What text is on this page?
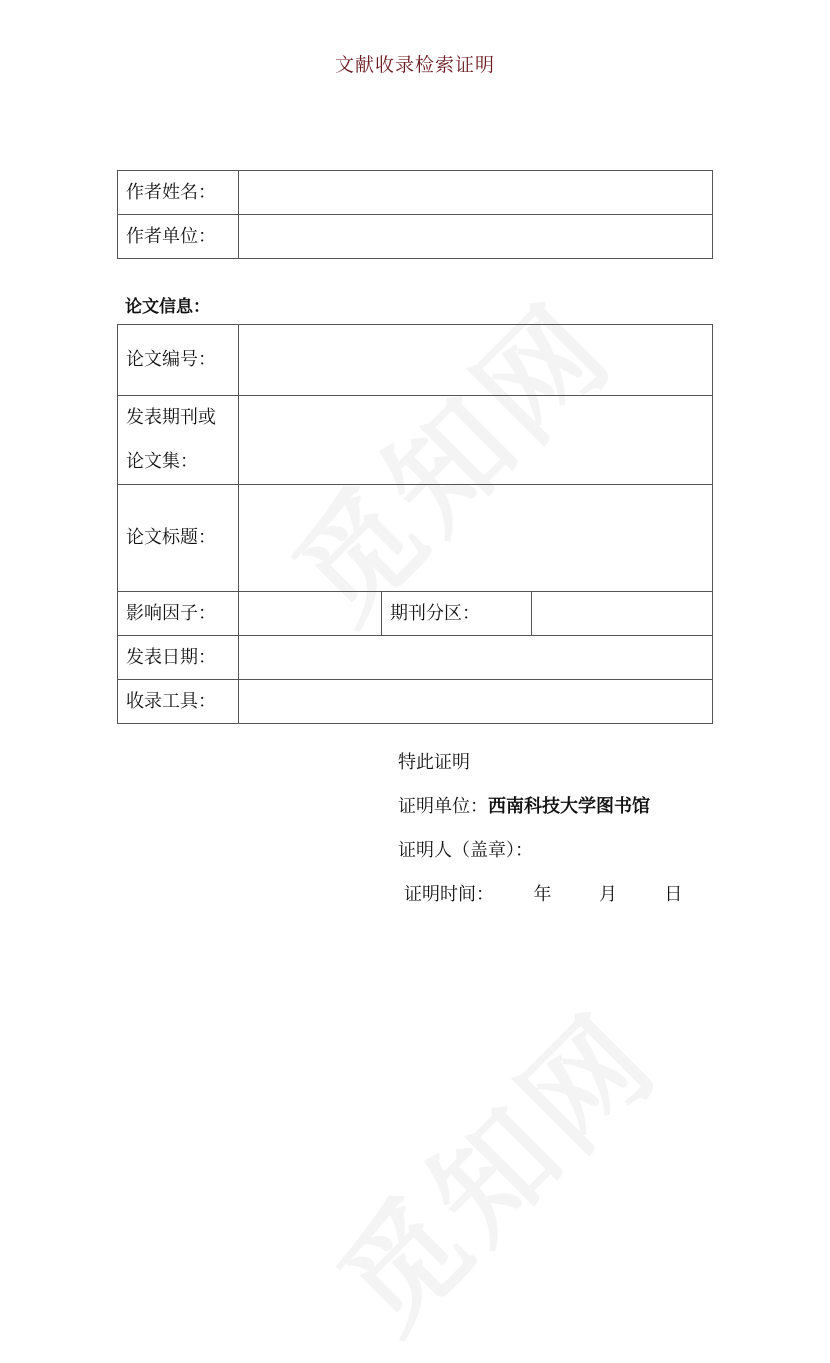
文献收录检索证明
作者姓名：	
作者单位：	
论文信息：
论文编号：			

发表期刊或
论文集：			

论文标题：			
影响因子：		期刊分区：	
发表日期：			
收录工具：			
特此证明
证明单位：西南科技大学图书馆
证明人（盖章）：
证明时间： 年	月	日
